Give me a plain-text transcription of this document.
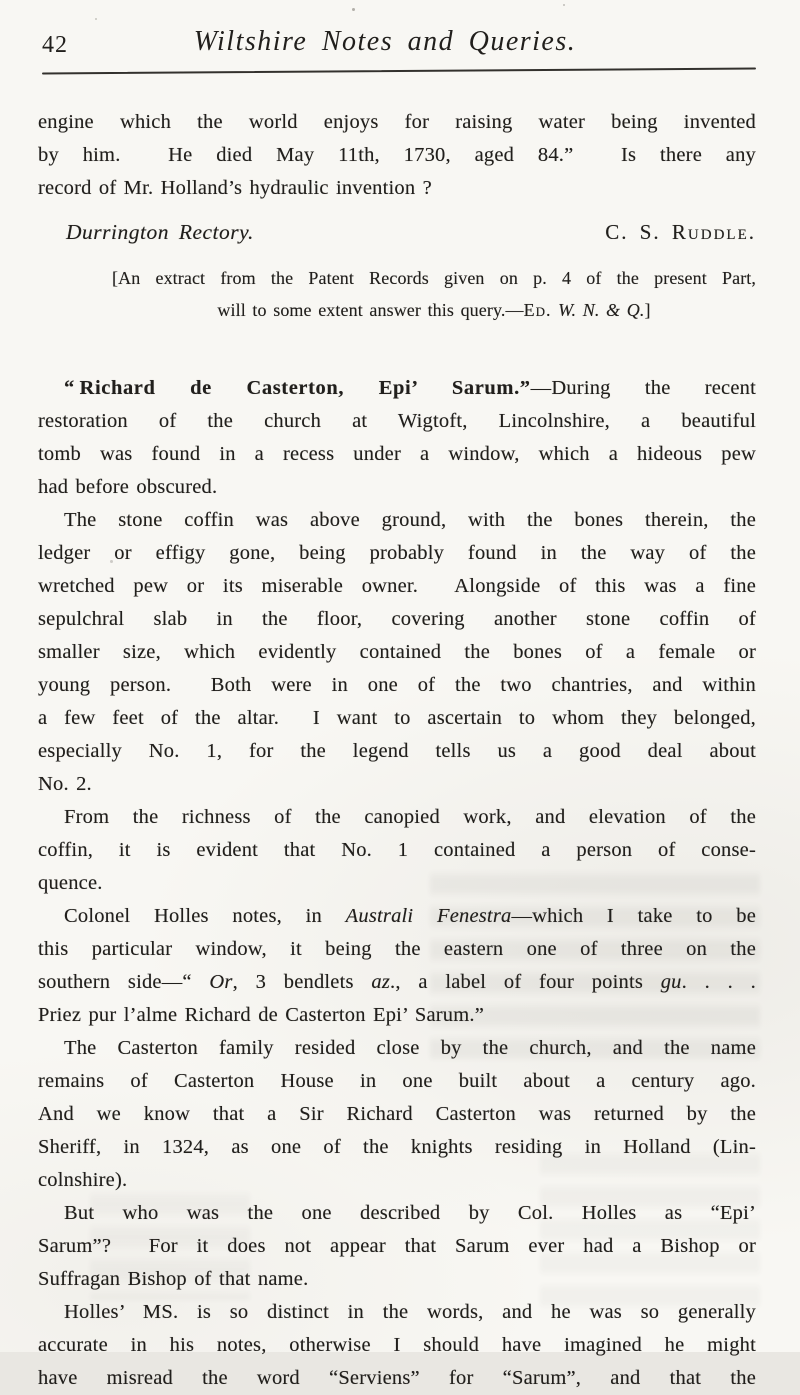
42	Wiltshire Notes and Queries.
engine which the world enjoys for raising water being invented
by him.  He died May 11th, 1730, aged 84.”  Is there any
record of Mr. Holland’s hydraulic invention ?
Durrington Rectory.	C. S. Ruddle.
[An extract from the Patent Records given on p. 4 of the present Part,
will to some extent answer this query.—Ed. W. N. & Q.]
“ Richard de Casterton, Epi’ Sarum.”—During the recent
restoration of the church at Wigtoft, Lincolnshire, a beautiful
tomb was found in a recess under a window, which a hideous pew
had before obscured.
The stone coffin was above ground, with the bones therein, the
ledger or effigy gone, being probably found in the way of the
wretched pew or its miserable owner.  Alongside of this was a fine
sepulchral slab in the floor, covering another stone coffin of
smaller size, which evidently contained the bones of a female or
young person.  Both were in one of the two chantries, and within
a few feet of the altar.  I want to ascertain to whom they belonged,
especially No. 1, for the legend tells us a good deal about
No. 2.
From the richness of the canopied work, and elevation of the
coffin, it is evident that No. 1 contained a person of conse-
quence.
Colonel Holles notes, in Australi Fenestra—which I take to be
this particular window, it being the eastern one of three on the
southern side—“ Or, 3 bendlets az., a label of four points gu. . . .
Priez pur l’alme Richard de Casterton Epi’ Sarum.”
The Casterton family resided close by the church, and the name
remains of Casterton House in one built about a century ago.
And we know that a Sir Richard Casterton was returned by the
Sheriff, in 1324, as one of the knights residing in Holland (Lin-
colnshire).
But who was the one described by Col. Holles as “Epi’
Sarum”?  For it does not appear that Sarum ever had a Bishop or
Suffragan Bishop of that name.
Holles’ MS. is so distinct in the words, and he was so generally
accurate in his notes, otherwise I should have imagined he might
have misread the word “Serviens” for “Sarum”, and that the
